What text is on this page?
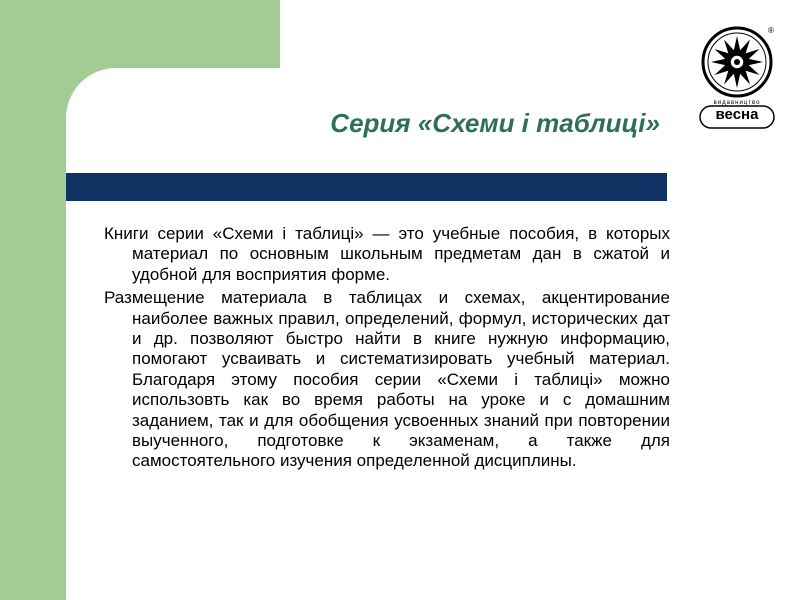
Серия «Схеми і таблиці»
®
видавництво
весна

Книги серии «Схеми і таблиці» — это учебные пособия, в которых материал по основным школьным предметам дан в сжатой и удобной для восприятия форме.

Размещение материала в таблицах и схемах, акцентирование наиболее важных правил, определений, формул, исторических дат и др. позволяют быстро найти в книге нужную информацию, помогают усваивать и систематизировать учебный материал. Благодаря этому пособия серии «Схеми і таблиці» можно использовть как во время работы на уроке и с домашним заданием, так и для обобщения усвоенных знаний при повторении выученного, подготовке к экзаменам, а также для самостоятельного изучения определенной дисциплины.
